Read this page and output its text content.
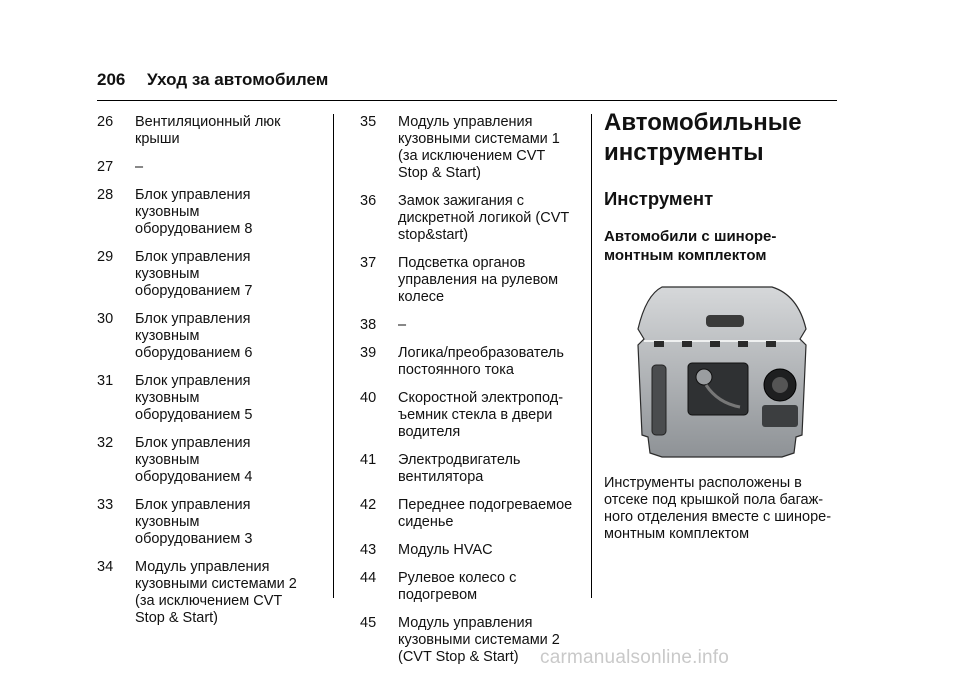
206 Уход за автомобилем
26	Вентиляционный люк
крыши
27	–
28	Блок управления
кузовным
оборудованием 8
29	Блок управления
кузовным
оборудованием 7
30	Блок управления
кузовным
оборудованием 6
31	Блок управления
кузовным
оборудованием 5
32	Блок управления
кузовным
оборудованием 4
33	Блок управления
кузовным
оборудованием 3
34	Модуль управления
кузовными системами 2
(за исключением CVT
Stop & Start)
35	Модуль управления
кузовными системами 1
(за исключением CVT
Stop & Start)
36	Замок зажигания с
дискретной логикой (CVT
stop&start)
37	Подсветка органов
управления на рулевом
колесе
38	–
39	Логика/преобразователь
постоянного тока
40	Скоростной электропод-
ъемник стекла в двери
водителя
41	Электродвигатель
вентилятора
42	Переднее подогреваемое
сиденье
43	Модуль HVAC
44	Рулевое колесо с
подогревом
45	Модуль управления
кузовными системами 2
(CVT Stop & Start)
Автомобильные
инструменты
Инструмент
Автомобили с шиноре-
монтным комплектом
Инструменты расположены в
отсеке под крышкой пола багаж-
ного отделения вместе с шиноре-
монтным комплектом
carmanualsonline.info
